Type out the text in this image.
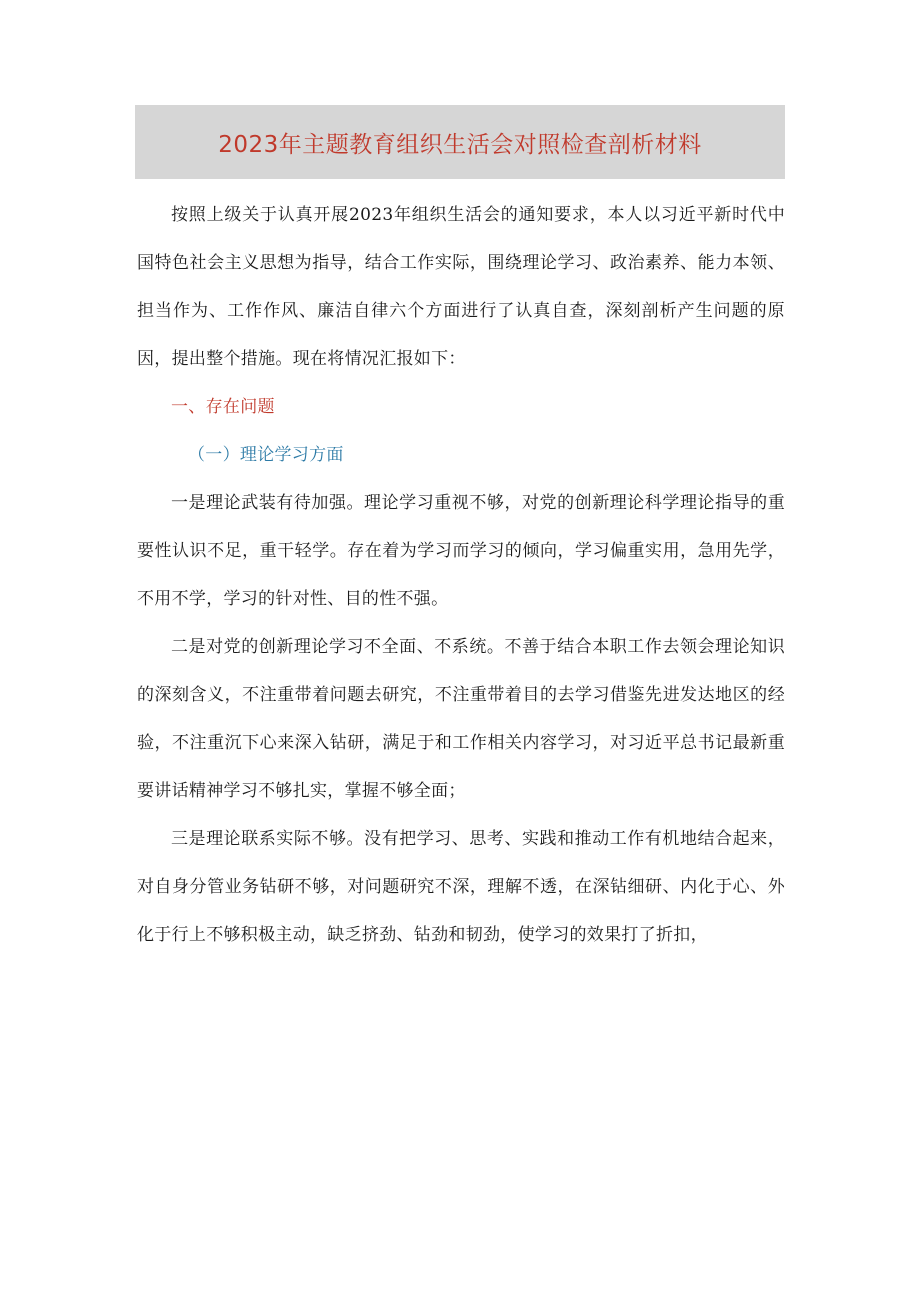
2023年主题教育组织生活会对照检查剖析材料

按照上级关于认真开展2023年组织生活会的通知要求，本人以习近平新时代中国特色社会主义思想为指导，结合工作实际，围绕理论学习、政治素养、能力本领、担当作为、工作作风、廉洁自律六个方面进行了认真自查，深刻剖析产生问题的原因，提出整个措施。现在将情况汇报如下：

一、存在问题

（一）理论学习方面

一是理论武装有待加强。理论学习重视不够，对党的创新理论科学理论指导的重要性认识不足，重干轻学。存在着为学习而学习的倾向，学习偏重实用，急用先学，不用不学，学习的针对性、目的性不强。

二是对党的创新理论学习不全面、不系统。不善于结合本职工作去领会理论知识的深刻含义，不注重带着问题去研究，不注重带着目的去学习借鉴先进发达地区的经验，不注重沉下心来深入钻研，满足于和工作相关内容学习，对习近平总书记最新重要讲话精神学习不够扎实，掌握不够全面；

三是理论联系实际不够。没有把学习、思考、实践和推动工作有机地结合起来，对自身分管业务钻研不够，对问题研究不深，理解不透，在深钻细研、内化于心、外化于行上不够积极主动，缺乏挤劲、钻劲和韧劲，使学习的效果打了折扣，
